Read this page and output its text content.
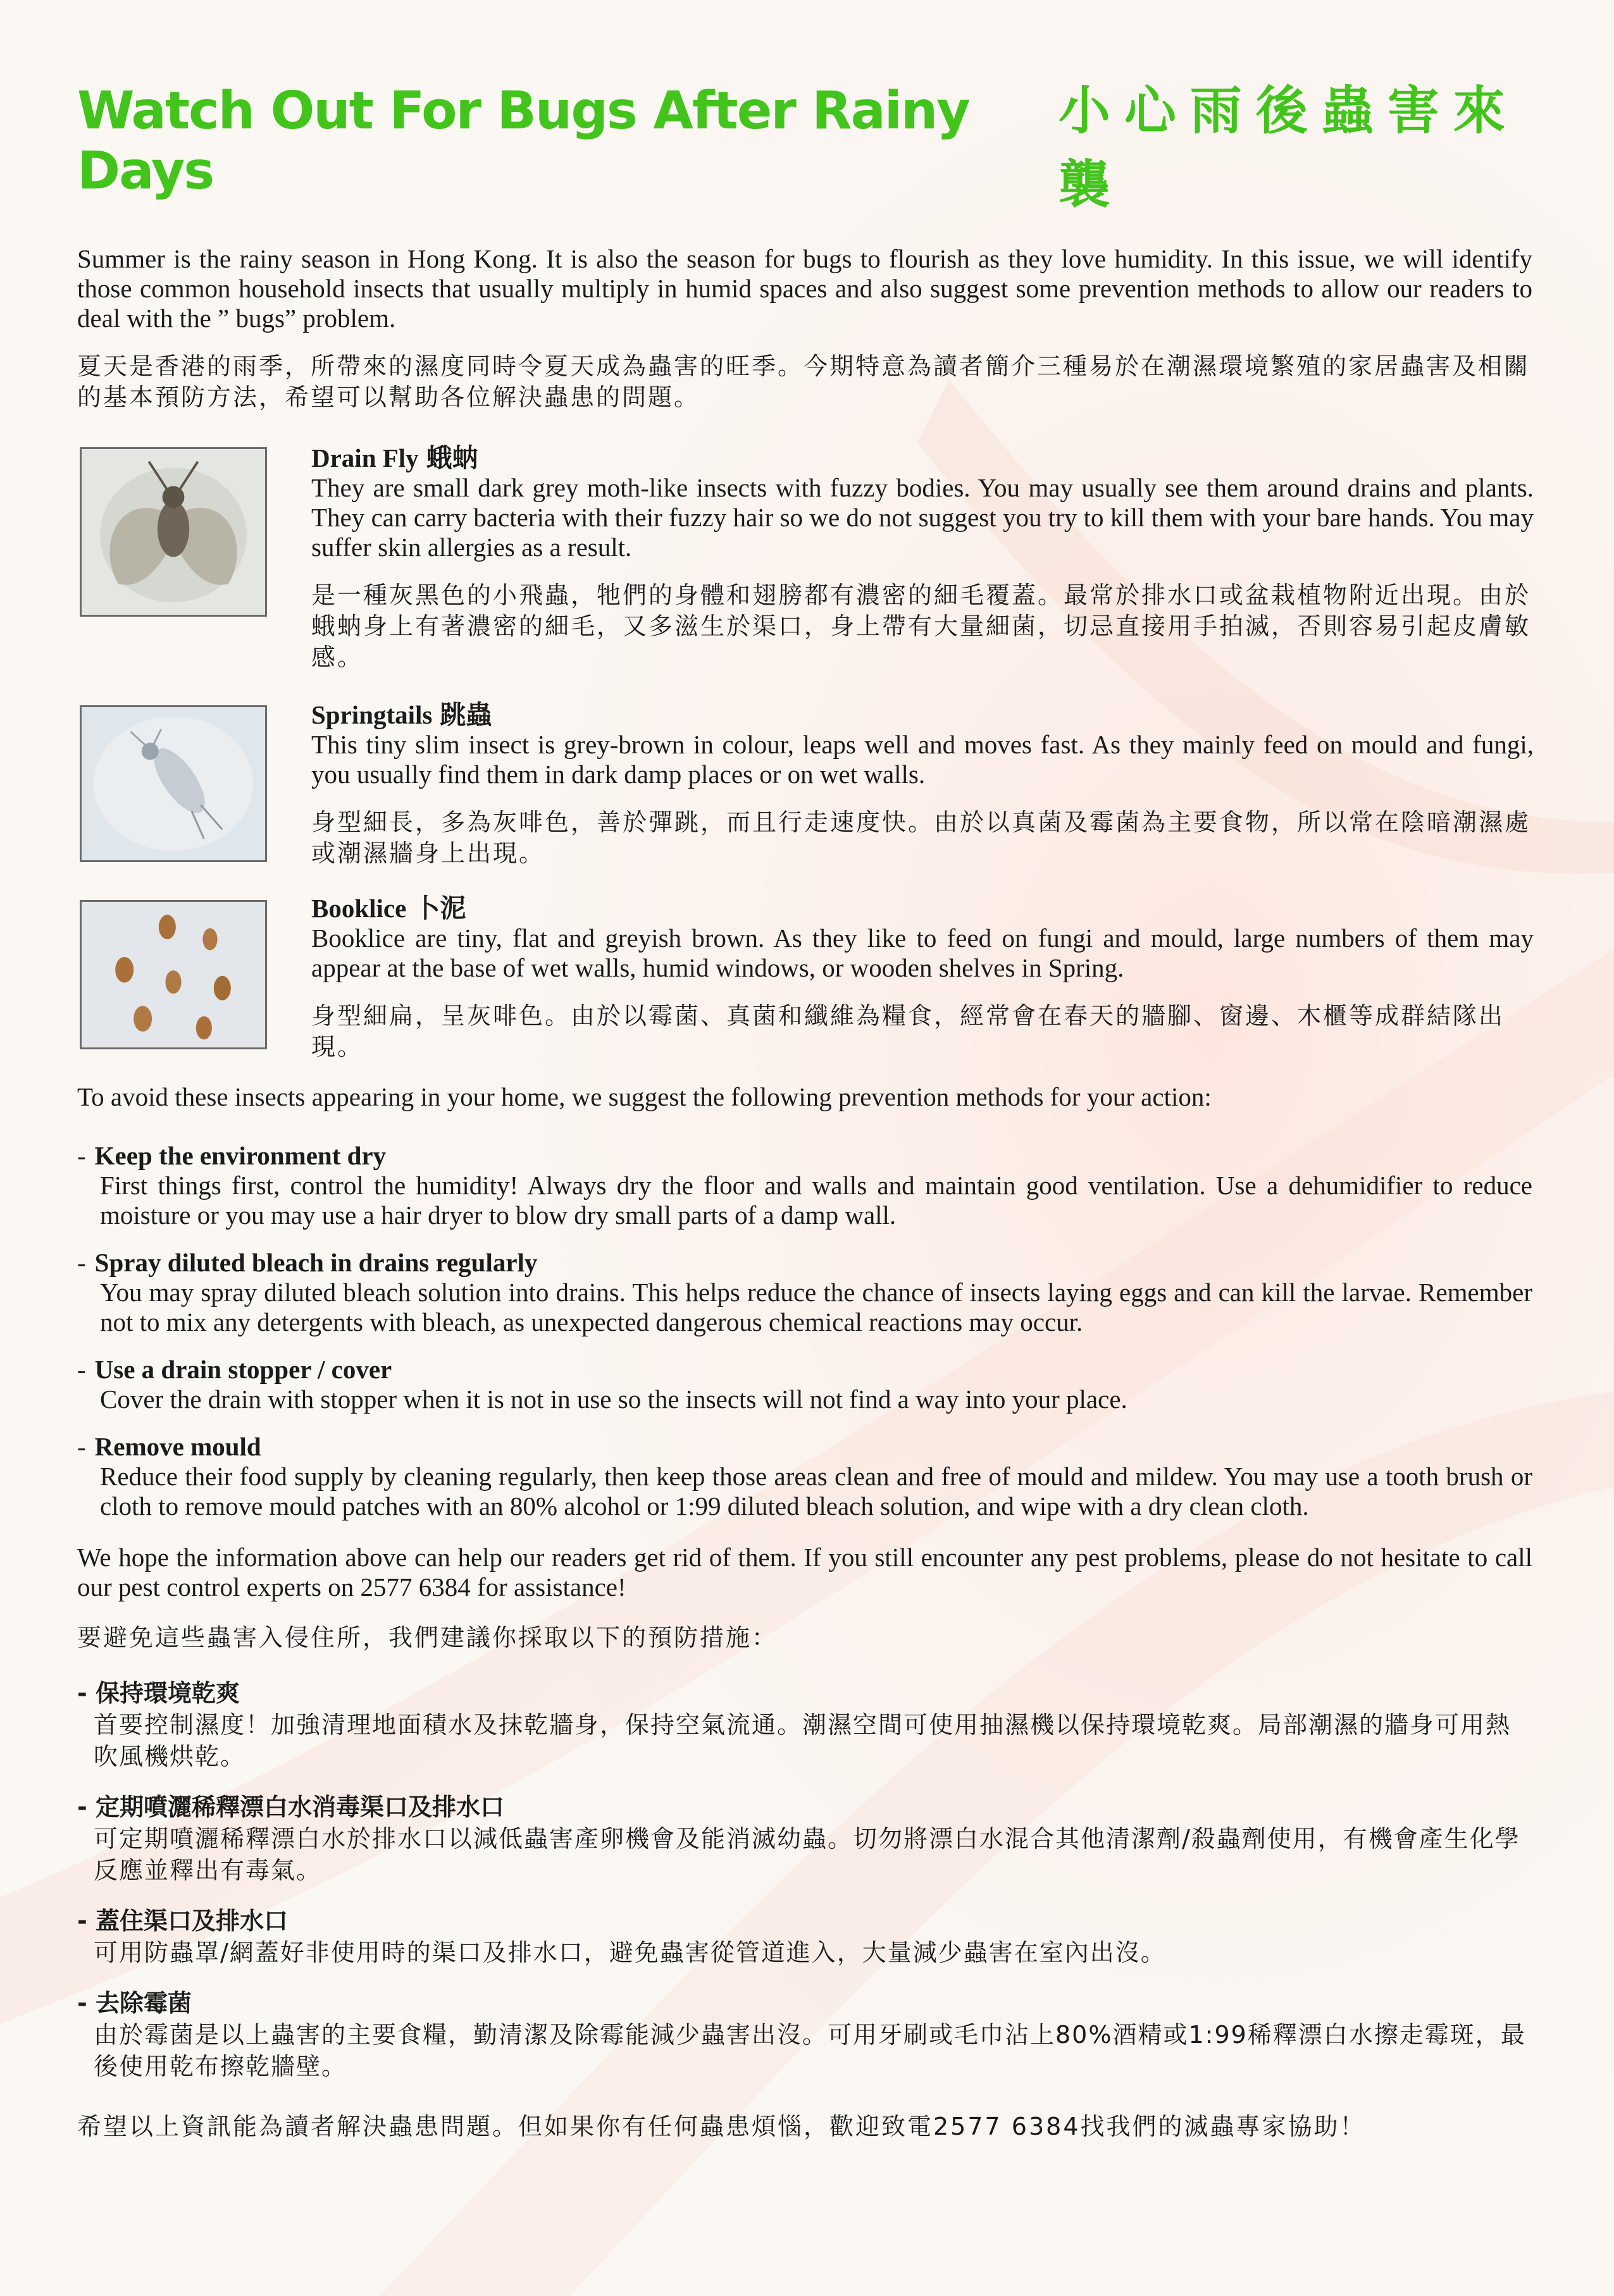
Watch Out For Bugs After Rainy Days
小心雨後蟲害來襲

Summer is the rainy season in Hong Kong. It is also the season for bugs to flourish as they love humidity. In this issue, we will identify those common household insects that usually multiply in humid spaces and also suggest some prevention methods to allow our readers to deal with the ” bugs” problem.

夏天是香港的雨季，所帶來的濕度同時令夏天成為蟲害的旺季。今期特意為讀者簡介三種易於在潮濕環境繁殖的家居蟲害及相關的基本預防方法，希望可以幫助各位解決蟲患的問題。

Drain Fly 蛾蚋

They are small dark grey moth-like insects with fuzzy bodies. You may usually see them around drains and plants. They can carry bacteria with their fuzzy hair so we do not suggest you try to kill them with your bare hands. You may suffer skin allergies as a result.

是一種灰黑色的小飛蟲，牠們的身體和翅膀都有濃密的細毛覆蓋。最常於排水口或盆栽植物附近出現。由於蛾蚋身上有著濃密的細毛，又多滋生於渠口，身上帶有大量細菌，切忌直接用手拍滅，否則容易引起皮膚敏感。

Springtails 跳蟲

This tiny slim insect is grey-brown in colour, leaps well and moves fast. As they mainly feed on mould and fungi, you usually find them in dark damp places or on wet walls.

身型細長，多為灰啡色，善於彈跳，而且行走速度快。由於以真菌及霉菌為主要食物，所以常在陰暗潮濕處或潮濕牆身上出現。

Booklice 卜泥

Booklice are tiny, flat and greyish brown. As they like to feed on fungi and mould, large numbers of them may appear at the base of wet walls, humid windows, or wooden shelves in Spring.

身型細扁，呈灰啡色。由於以霉菌、真菌和纖維為糧食，經常會在春天的牆腳、窗邊、木櫃等成群結隊出現。

To avoid these insects appearing in your home, we suggest the following prevention methods for your action:

- Keep the environment dry

First things first, control the humidity! Always dry the floor and walls and maintain good ventilation. Use a dehumidifier to reduce moisture or you may use a hair dryer to blow dry small parts of a damp wall.

- Spray diluted bleach in drains regularly

You may spray diluted bleach solution into drains. This helps reduce the chance of insects laying eggs and can kill the larvae. Remember not to mix any detergents with bleach, as unexpected dangerous chemical reactions may occur.

- Use a drain stopper / cover

Cover the drain with stopper when it is not in use so the insects will not find a way into your place.

- Remove mould

Reduce their food supply by cleaning regularly, then keep those areas clean and free of mould and mildew. You may use a tooth brush or cloth to remove mould patches with an 80% alcohol or 1:99 diluted bleach solution, and wipe with a dry clean cloth.

We hope the information above can help our readers get rid of them. If you still encounter any pest problems, please do not hesitate to call our pest control experts on 2577 6384 for assistance!

要避免這些蟲害入侵住所，我們建議你採取以下的預防措施：

- 保持環境乾爽

首要控制濕度！加強清理地面積水及抹乾牆身，保持空氣流通。潮濕空間可使用抽濕機以保持環境乾爽。局部潮濕的牆身可用熱吹風機烘乾。

- 定期噴灑稀釋漂白水消毒渠口及排水口

可定期噴灑稀釋漂白水於排水口以減低蟲害產卵機會及能消滅幼蟲。切勿將漂白水混合其他清潔劑/殺蟲劑使用，有機會產生化學反應並釋出有毒氣。

- 蓋住渠口及排水口

可用防蟲罩/網蓋好非使用時的渠口及排水口，避免蟲害從管道進入，大量減少蟲害在室內出沒。

- 去除霉菌

由於霉菌是以上蟲害的主要食糧，勤清潔及除霉能減少蟲害出沒。可用牙刷或毛巾沾上80%酒精或1:99稀釋漂白水擦走霉斑，最後使用乾布擦乾牆壁。

希望以上資訊能為讀者解決蟲患問題。但如果你有任何蟲患煩惱，歡迎致電2577 6384找我們的滅蟲專家協助！
